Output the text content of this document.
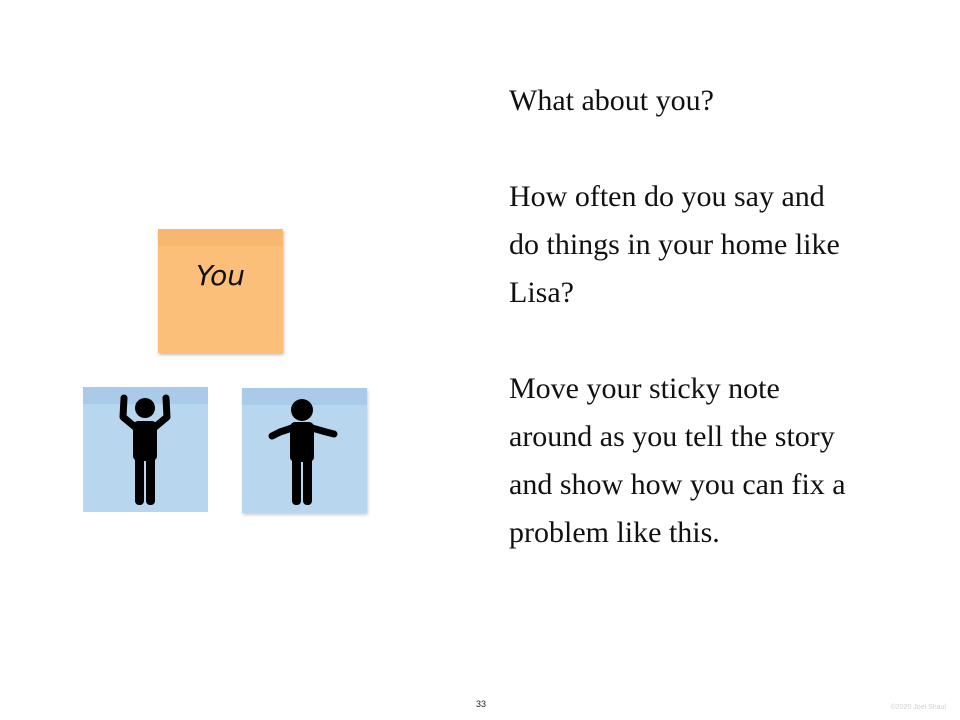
You

What about you?

How often do you say and

do things in your home like

Lisa?

Move your sticky note

around as you tell the story

and show how you can fix a

problem like this.

33	©2020 Joel Shaul
